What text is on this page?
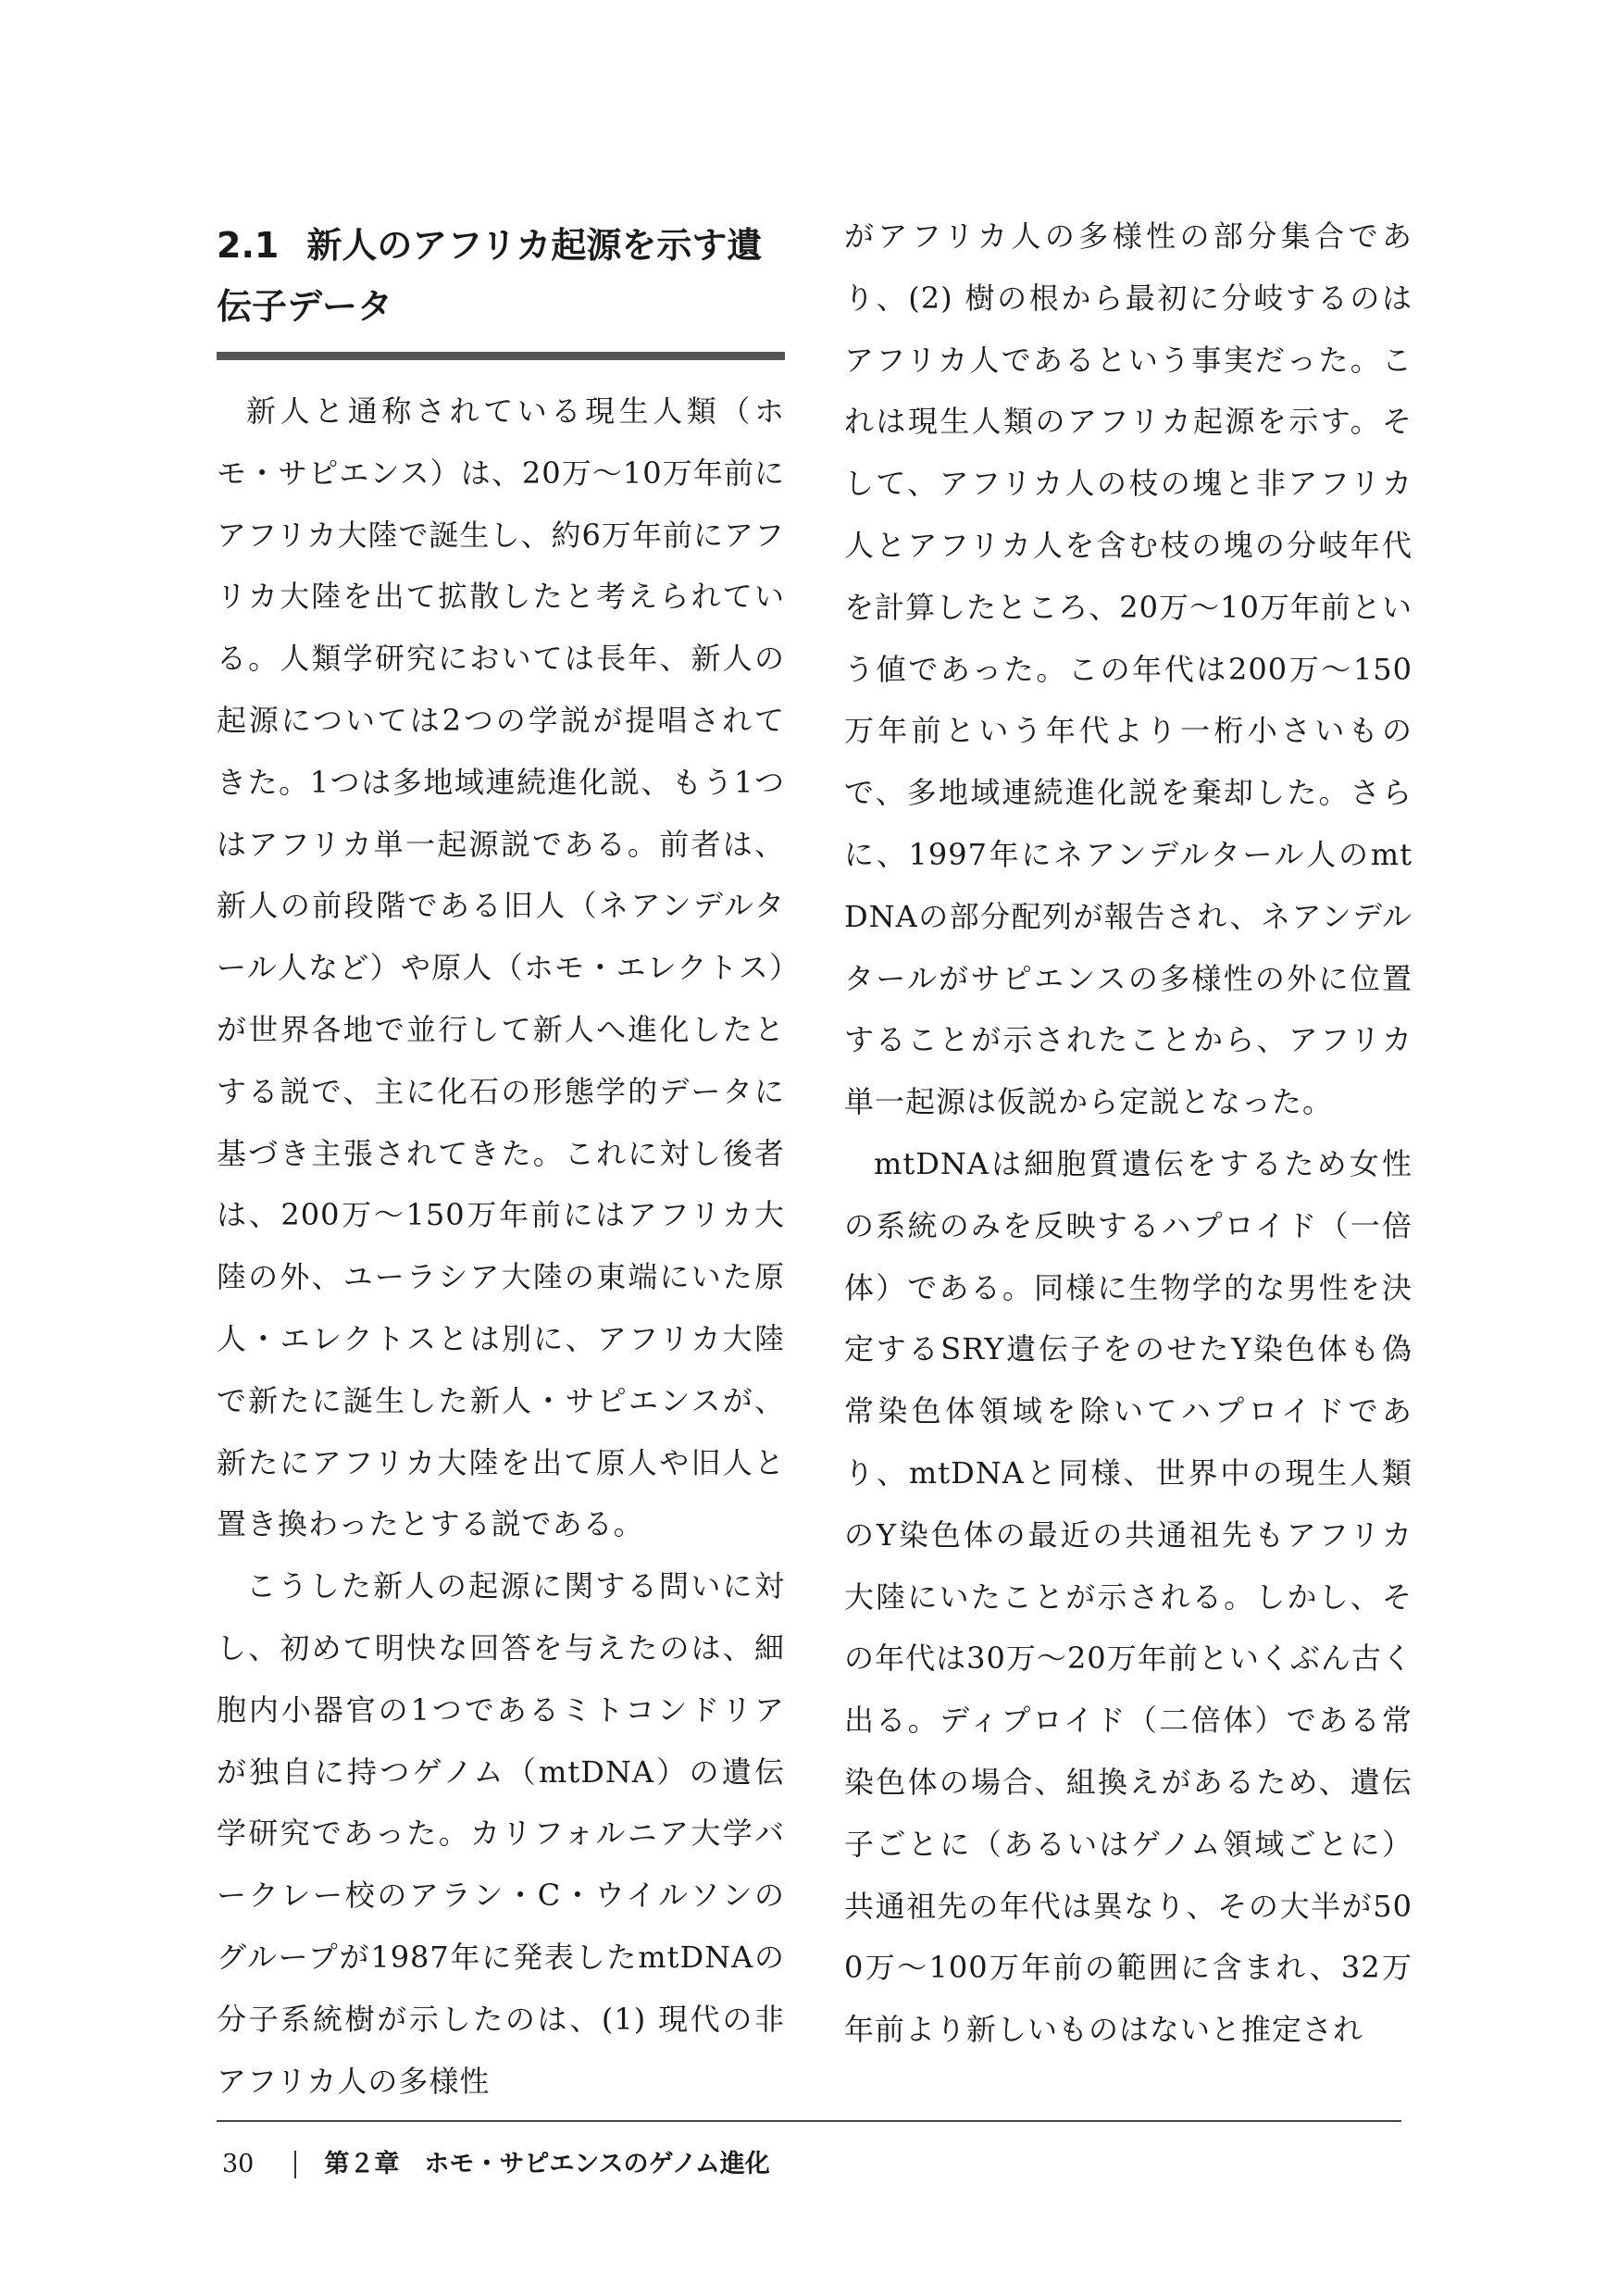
2.1 新人のアフリカ起源を示す遺伝子データ

新人と通称されている現生人類（ホモ・サピエンス）は、20万〜10万年前にアフリカ大陸で誕生し、約6万年前にアフリカ大陸を出て拡散したと考えられている。人類学研究においては長年、新人の起源については2つの学説が提唱されてきた。1つは多地域連続進化説、もう1つはアフリカ単一起源説である。前者は、新人の前段階である旧人（ネアンデルタール人など）や原人（ホモ・エレクトス）が世界各地で並行して新人へ進化したとする説で、主に化石の形態学的データに基づき主張されてきた。これに対し後者は、200万〜150万年前にはアフリカ大陸の外、ユーラシア大陸の東端にいた原人・エレクトスとは別に、アフリカ大陸で新たに誕生した新人・サピエンスが、新たにアフリカ大陸を出て原人や旧人と置き換わったとする説である。

こうした新人の起源に関する問いに対し、初めて明快な回答を与えたのは、細胞内小器官の1つであるミトコンドリアが独自に持つゲノム（mtDNA）の遺伝学研究であった。カリフォルニア大学バークレー校のアラン・C・ウイルソンのグループが1987年に発表したmtDNAの分子系統樹が示したのは、(1) 現代の非アフリカ人の多様性

がアフリカ人の多様性の部分集合であり、(2) 樹の根から最初に分岐するのはアフリカ人であるという事実だった。これは現生人類のアフリカ起源を示す。そして、アフリカ人の枝の塊と非アフリカ人とアフリカ人を含む枝の塊の分岐年代を計算したところ、20万〜10万年前という値であった。この年代は200万〜150万年前という年代より一桁小さいもので、多地域連続進化説を棄却した。さらに、1997年にネアンデルタール人のmtDNAの部分配列が報告され、ネアンデルタールがサピエンスの多様性の外に位置することが示されたことから、アフリカ単一起源は仮説から定説となった。

mtDNAは細胞質遺伝をするため女性の系統のみを反映するハプロイド（一倍体）である。同様に生物学的な男性を決定するSRY遺伝子をのせたY染色体も偽常染色体領域を除いてハプロイドであり、mtDNAと同様、世界中の現生人類のY染色体の最近の共通祖先もアフリカ大陸にいたことが示される。しかし、その年代は30万〜20万年前といくぶん古く出る。ディプロイド（二倍体）である常染色体の場合、組換えがあるため、遺伝子ごとに（あるいはゲノム領域ごとに）共通祖先の年代は異なり、その大半が500万〜100万年前の範囲に含まれ、32万年前より新しいものはないと推定され

30	第２章　ホモ・サピエンスのゲノム進化
